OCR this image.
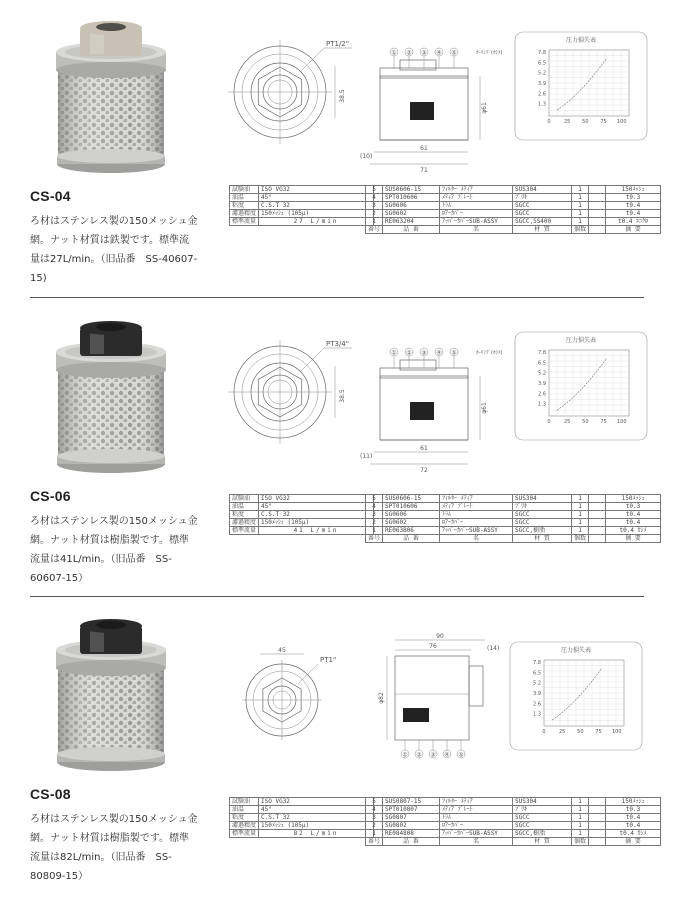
CS-04
ろ材はステンレス製の150メッシュ金
網。ナット材質は鉄製です。標準流
量は27L/min。（旧品番　SS-40607-
15)
PT1/2"
38.5
① ② ③ ④ ⑤	ｶｰﾘﾝｸﾞ(ｶｼﾒ)
61
71
(10)
φ61
圧力損失表
7.8
6.5
5.2
3.9
2.6
1.3
0	25 50 75 100
試験油	ISO VG32
油温	45°
粘度	C.S.T 32
濾過精度	150ﾒｯｼｭ (105μ)
標準流量	27 L/min
5	SUS0606-15	ﾌｨﾙﾀｰ ﾒﾃｨｱ	SUS304	1		150ﾒｯｼｭ
4	SPT010606	ﾒﾃｨｱ ﾌﾟﾚｰﾄ	ﾌﾞﾘｷ	1		t0.3
3	SG0606	ﾄﾗﾑ	SGCC	1		t0.4
2	SG0602	ﾛｱｰｶﾊﾞｰ	SGCC	1		t0.4
1	RE063204	ｱｯﾊﾟｰｶﾊﾞｰSUB-ASSY	SGCC,SS400	1		t0.4 ﾕﾆｸﾛ
番号	品 番	名	材 質	個数		摘 要
CS-06
ろ材はステンレス製の150メッシュ金
網。ナット材質は樹脂製です。標準
流量は41L/min。（旧品番　SS-
60607-15）
PT3/4"
38.5
① ② ③ ④ ⑤	ｶｰﾘﾝｸﾞ(ｶｼﾒ)
61
72
(11)
φ61
圧力損失表
7.8
6.5
5.2
3.9
2.6
1.3
0	25 50 75 100
試験油	ISO VG32
油温	45°
粘度	C.S.T 32
濾過精度	150ﾒｯｼｭ (105μ)
標準流量	41 L/min
5	SUS0606-15	ﾌｨﾙﾀｰ ﾒﾃｨｱ	SUS304	1		150ﾒｯｼｭ
4	SPT010606	ﾒﾃｨｱ ﾌﾟﾚｰﾄ	ﾌﾞﾘｷ	1		t0.3
3	SG0606	ﾄﾗﾑ	SGCC	1		t0.4
2	SG0602	ﾛｱｰｶﾊﾞｰ	SGCC	1		t0.4
1	RE063B06	ｱｯﾊﾟｰｶﾊﾞｰSUB-ASSY	SGCC,樹脂	1		t0.4 ｶｼﾒ
番号	品 番	名	材 質	個数		摘 要
CS-08
ろ材はステンレス製の150メッシュ金
網。ナット材質は樹脂製です。標準
流量は82L/min。（旧品番　SS-
80809-15）
45
PT1"
90
76	(14)
φ82
① ② ③ ④ ⑤
圧力損失表
7.8
6.5
5.2
3.9
2.6
1.3
0	25 50 75 100
試験油	ISO VG32
油温	45°
粘度	C.S.T 32
濾過精度	150ﾒｯｼｭ (105μ)
標準流量	82 L/min
5	SUS0807-15	ﾌｨﾙﾀｰ ﾒﾃｨｱ	SUS304	1		150ﾒｯｼｭ
4	SPT010807	ﾒﾃｨｱ ﾌﾟﾚｰﾄ	ﾌﾞﾘｷ	1		t0.3
3	SG0807	ﾄﾗﾑ	SGCC	1		t0.4
2	SG0802	ﾛｱｰｶﾊﾞｰ	SGCC	1		t0.4
1	RE084808	ｱｯﾊﾟｰｶﾊﾞｰSUB-ASSY	SGCC,樹脂	1		t0.4 ｶｼﾒ
番号	品 番	名	材 質	個数		摘 要
